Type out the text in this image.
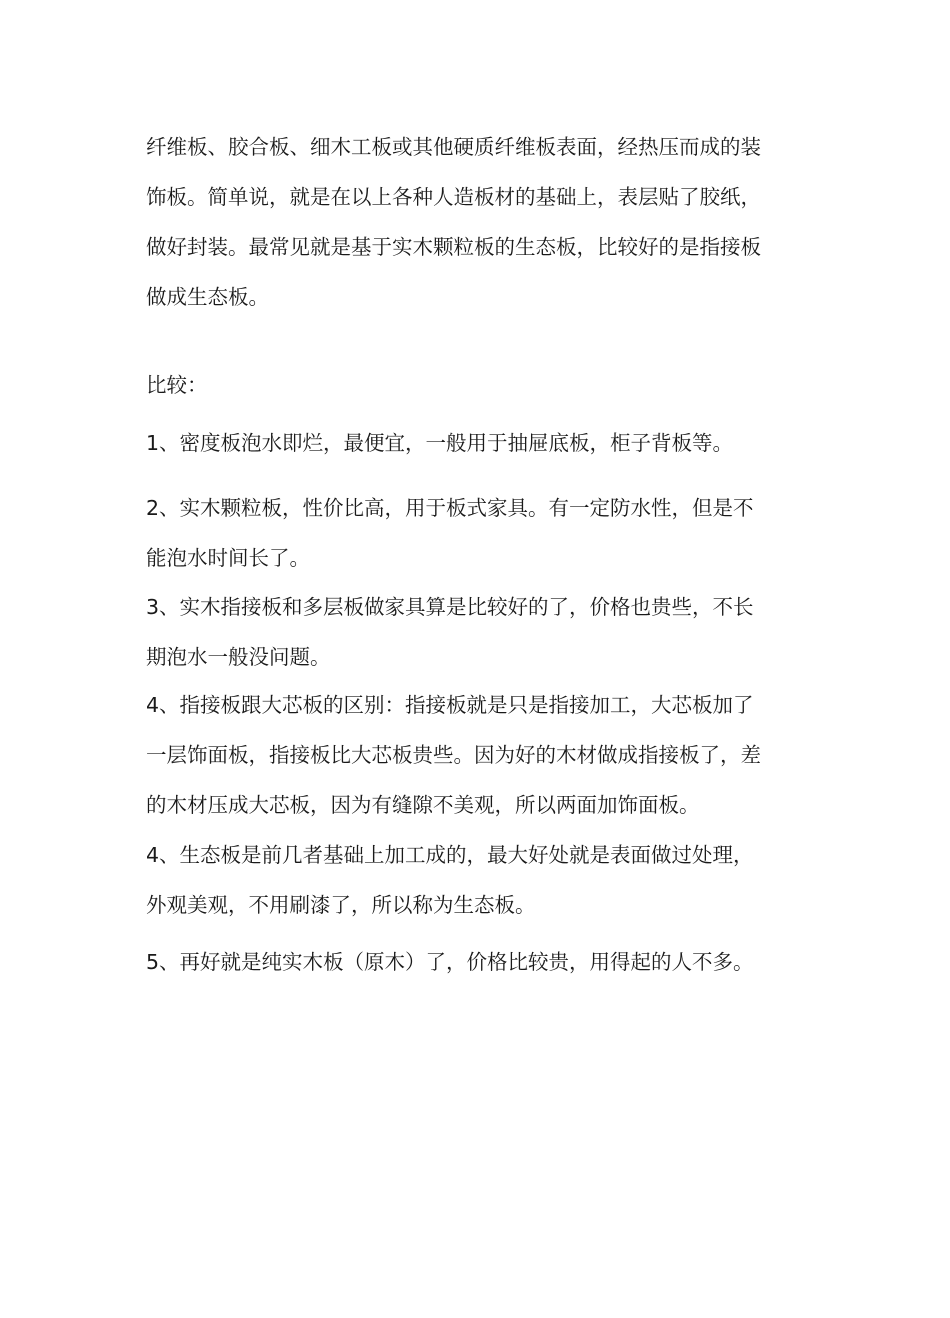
纤维板、胶合板、细木工板或其他硬质纤维板表面，经热压而成的装
饰板。简单说，就是在以上各种人造板材的基础上，表层贴了胶纸，
做好封装。最常见就是基于实木颗粒板的生态板，比较好的是指接板
做成生态板。
比较：
1、密度板泡水即烂，最便宜，一般用于抽屉底板，柜子背板等。
2、实木颗粒板，性价比高，用于板式家具。有一定防水性，但是不
能泡水时间长了。
3、实木指接板和多层板做家具算是比较好的了，价格也贵些，不长
期泡水一般没问题。
4、指接板跟大芯板的区别：指接板就是只是指接加工，大芯板加了
一层饰面板，指接板比大芯板贵些。因为好的木材做成指接板了，差
的木材压成大芯板，因为有缝隙不美观，所以两面加饰面板。
4、生态板是前几者基础上加工成的，最大好处就是表面做过处理，
外观美观，不用刷漆了，所以称为生态板。
5、再好就是纯实木板（原木）了，价格比较贵，用得起的人不多。
